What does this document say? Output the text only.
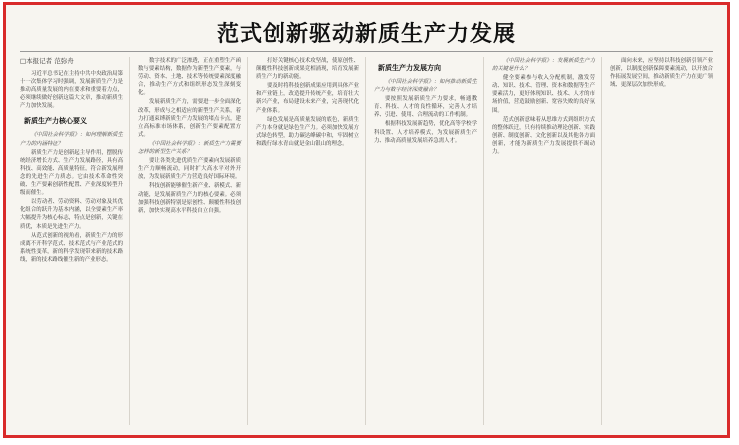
范式创新驱动新质生产力发展
□本报记者 范弥舟

习近平总书记在主持中共中央政治局第十一次集体学习时强调，发展新质生产力是推动高质量发展的内在要求和重要着力点，必须继续做好创新这篇大文章，推动新质生产力加快发展。

新质生产力核心要义

《中国社会科学报》：如何理解新质生产力的内涵特征？

新质生产力是创新起主导作用，摆脱传统经济增长方式、生产力发展路径，具有高科技、高效能、高质量特征，符合新发展理念的先进生产力质态。它由技术革命性突破、生产要素创新性配置、产业深度转型升级而催生。

以劳动者、劳动资料、劳动对象及其优化组合的跃升为基本内涵，以全要素生产率大幅提升为核心标志，特点是创新，关键在质优，本质是先进生产力。

从范式创新的视角看，新质生产力的形成离不开科学范式、技术范式与产业范式的系统性变革，新的科学发现带来新的技术路线，新的技术路线催生新的产业形态。

数字技术的广泛渗透，正在重塑生产函数与要素结构，数据作为新型生产要素，与劳动、资本、土地、技术等传统要素深度融合，推动生产方式和组织形态发生深刻变化。

发展新质生产力，需要进一步全面深化改革，形成与之相适应的新型生产关系，着力打通束缚新质生产力发展的堵点卡点，建立高标准市场体系，创新生产要素配置方式。

《中国社会科学报》：新质生产力需要怎样的新型生产关系？

要让各类先进优质生产要素向发展新质生产力顺畅流动，同时扩大高水平对外开放，为发展新质生产力营造良好国际环境。

科技创新能够催生新产业、新模式、新动能，是发展新质生产力的核心要素。必须加强科技创新特别是原创性、颠覆性科技创新，加快实现高水平科技自立自强。

打好关键核心技术攻坚战，使原创性、颠覆性科技创新成果竞相涌现，培育发展新质生产力的新动能。

要及时将科技创新成果应用到具体产业和产业链上，改造提升传统产业，培育壮大新兴产业，布局建设未来产业，完善现代化产业体系。

绿色发展是高质量发展的底色，新质生产力本身就是绿色生产力。必须加快发展方式绿色转型，助力碳达峰碳中和，牢固树立和践行绿水青山就是金山银山的理念。

新质生产力发展方向

《中国社会科学报》：如何推动新质生产力与数字经济深度融合？

要按照发展新质生产力要求，畅通教育、科技、人才的良性循环，完善人才培养、引进、使用、合理流动的工作机制。

根据科技发展新趋势，优化高等学校学科设置、人才培养模式，为发展新质生产力、推动高质量发展培养急需人才。

《中国社会科学报》：发展新质生产力的关键是什么？

健全要素参与收入分配机制，激发劳动、知识、技术、管理、资本和数据等生产要素活力，更好体现知识、技术、人才的市场价值，营造鼓励创新、宽容失败的良好氛围。

范式创新意味着从思维方式到组织方式的整体跃迁，只有持续推动理论创新、实践创新、制度创新、文化创新以及其他各方面创新，才能为新质生产力发展提供不竭动力。

面向未来，应坚持以科技创新引领产业创新，以制度创新保障要素流动，以开放合作拓展发展空间，推动新质生产力在更广领域、更深层次加快形成。
